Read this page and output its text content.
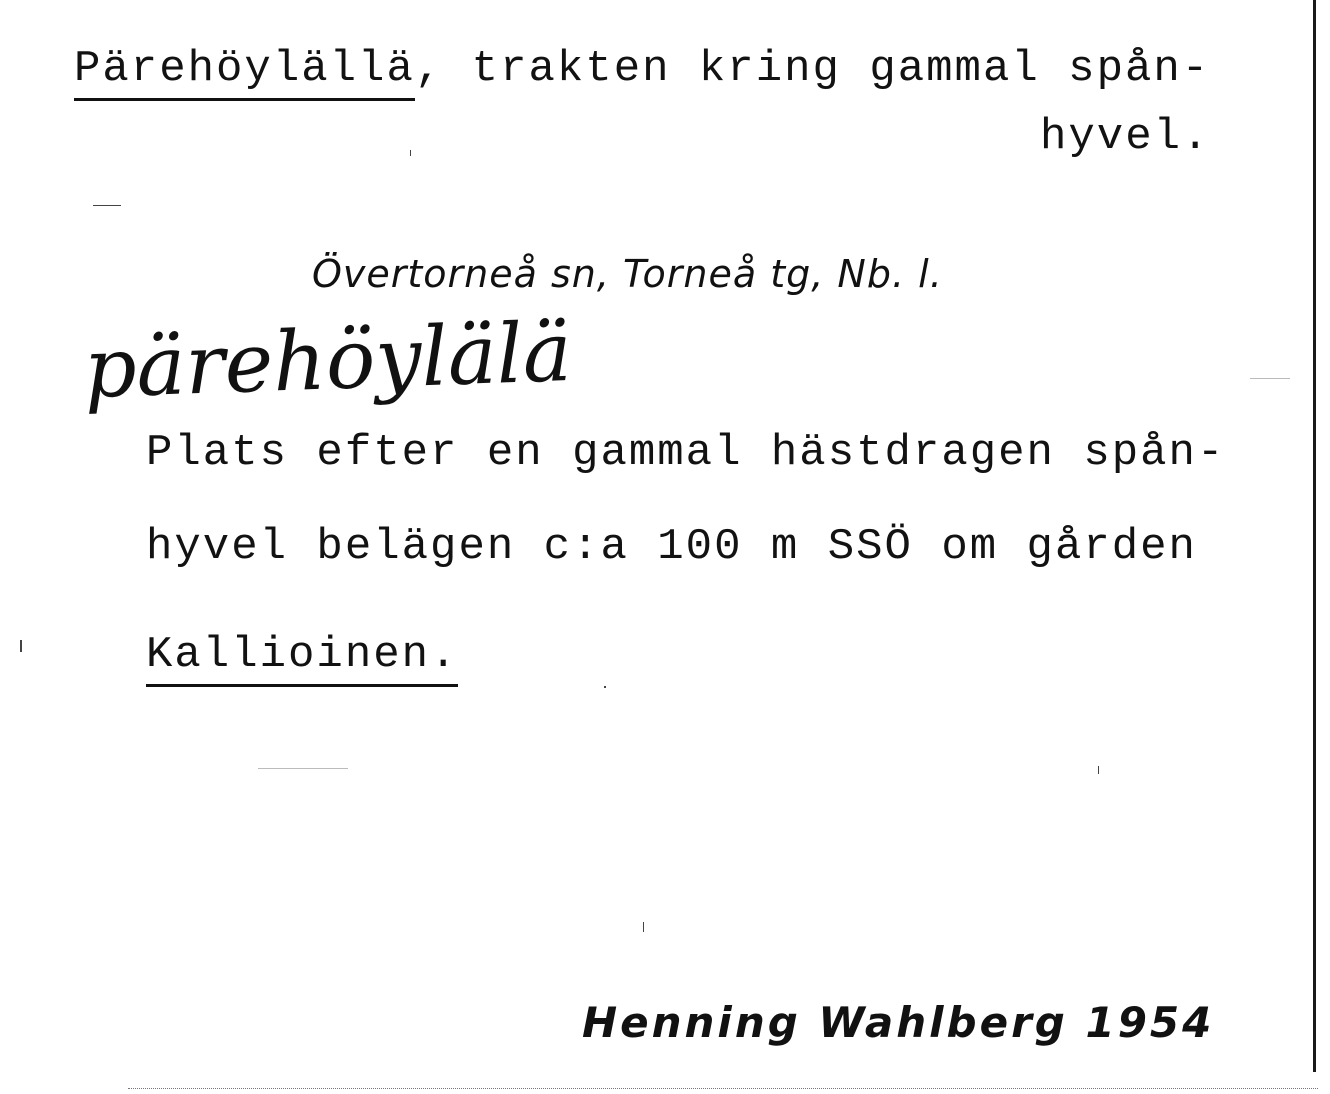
Pärehöylällä, trakten kring gammal spån-
hyvel.
Övertorneå sn, Torneå tg, Nb. l.
pärehöylälä
Plats efter en gammal hästdragen spån-
hyvel belägen c:a 100 m SSÖ om gården
Kallioinen.
Henning Wahlberg 1954
